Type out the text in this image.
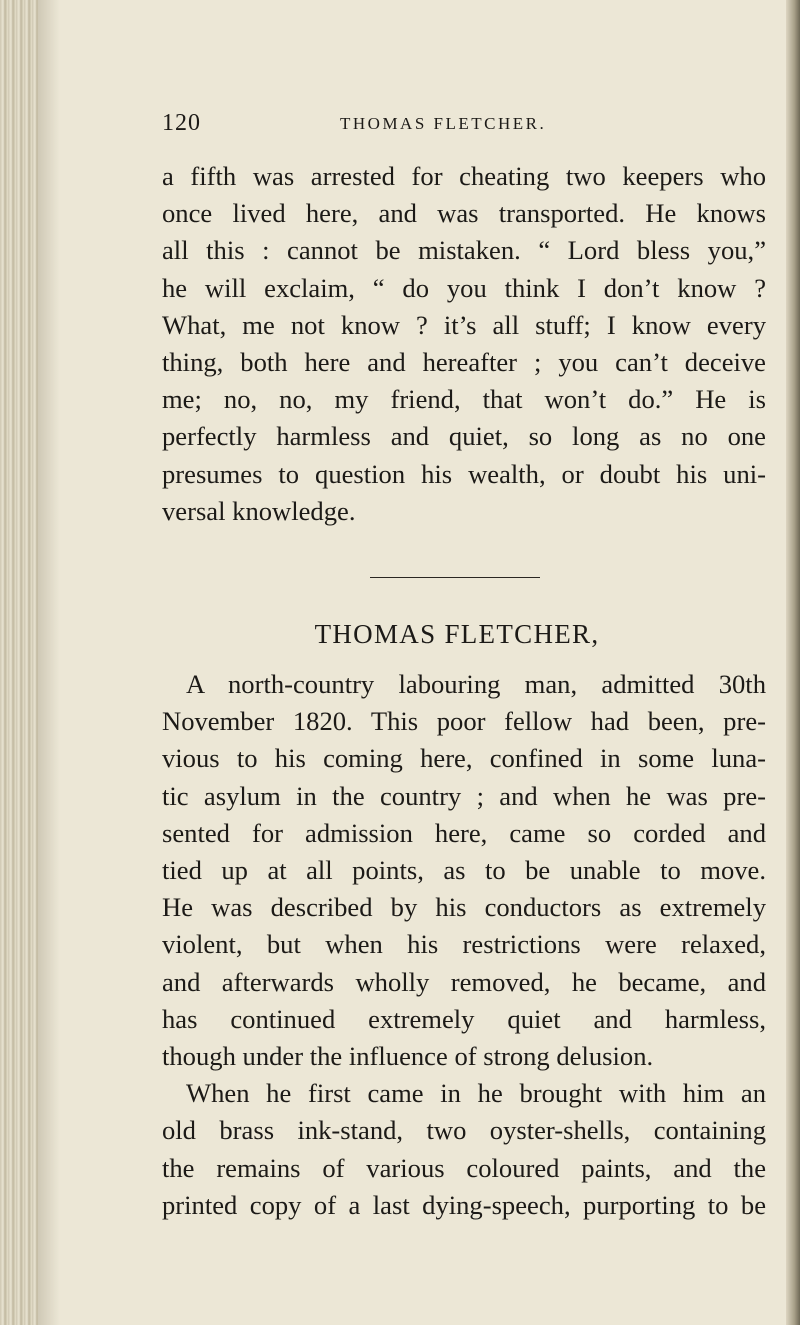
120	THOMAS FLETCHER.

a fifth was arrested for cheating two keepers who
once lived here, and was transported. He knows
all this : cannot be mistaken. “ Lord bless you,”
he will exclaim, “ do you think I don’t know ?
What, me not know ? it’s all stuff; I know every
thing, both here and hereafter ; you can’t deceive
me; no, no, my friend, that won’t do.” He is
perfectly harmless and quiet, so long as no one
presumes to question his wealth, or doubt his uni-
versal knowledge.

THOMAS FLETCHER,

A north-country labouring man, admitted 30th
November 1820. This poor fellow had been, pre-
vious to his coming here, confined in some luna-
tic asylum in the country ; and when he was pre-
sented for admission here, came so corded and
tied up at all points, as to be unable to move.
He was described by his conductors as extremely
violent, but when his restrictions were relaxed,
and afterwards wholly removed, he became, and
has continued extremely quiet and harmless,
though under the influence of strong delusion.

When he first came in he brought with him an
old brass ink-stand, two oyster-shells, containing
the remains of various coloured paints, and the
printed copy of a last dying-speech, purporting to be
